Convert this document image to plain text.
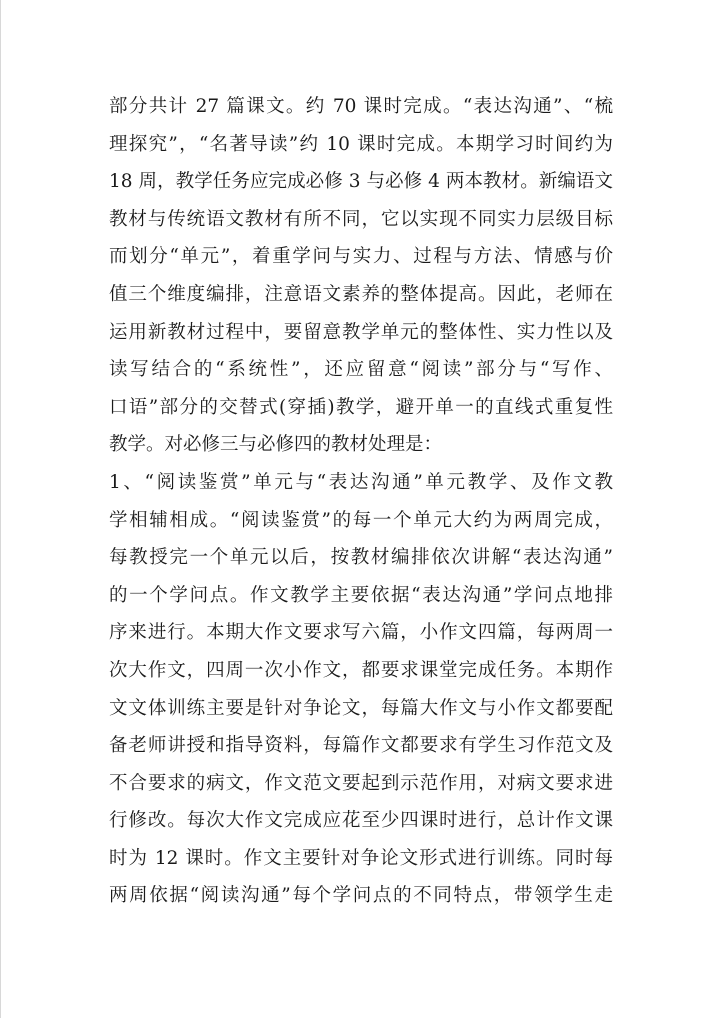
部分共计 27 篇课文。约 70 课时完成。“表达沟通”、“梳
理探究”，“名著导读”约 10 课时完成。本期学习时间约为
18 周，教学任务应完成必修 3 与必修 4 两本教材。新编语文
教材与传统语文教材有所不同，它以实现不同实力层级目标
而划分“单元”，着重学问与实力、过程与方法、情感与价
值三个维度编排，注意语文素养的整体提高。因此，老师在
运用新教材过程中，要留意教学单元的整体性、实力性以及
读写结合的“系统性”，还应留意“阅读”部分与“写作、
口语”部分的交替式(穿插)教学，避开单一的直线式重复性
教学。对必修三与必修四的教材处理是：
1、“阅读鉴赏”单元与“表达沟通”单元教学、及作文教
学相辅相成。“阅读鉴赏”的每一个单元大约为两周完成，
每教授完一个单元以后，按教材编排依次讲解“表达沟通”
的一个学问点。作文教学主要依据“表达沟通”学问点地排
序来进行。本期大作文要求写六篇，小作文四篇，每两周一
次大作文，四周一次小作文，都要求课堂完成任务。本期作
文文体训练主要是针对争论文，每篇大作文与小作文都要配
备老师讲授和指导资料，每篇作文都要求有学生习作范文及
不合要求的病文，作文范文要起到示范作用，对病文要求进
行修改。每次大作文完成应花至少四课时进行，总计作文课
时为 12 课时。作文主要针对争论文形式进行训练。同时每
两周依据“阅读沟通”每个学问点的不同特点，带领学生走
